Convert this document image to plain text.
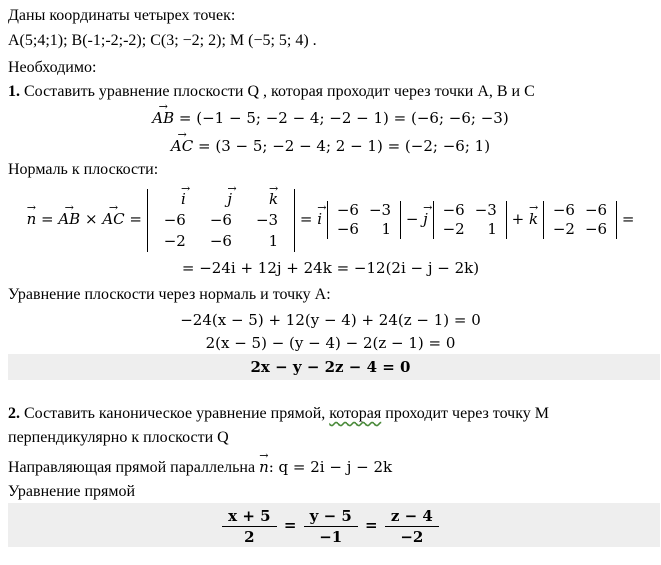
Даны координаты четырех точек:
A(5;4;1); B(-1;-2;-2); C(3; −2; 2); M (−5; 5; 4) .
Необходимо:
1. Составить уравнение плоскости Q , которая проходит через точки A, B и C
→ AB = (−1 − 5; −2 − 4; −2 − 1) = (−6; −6; −3)
→ AC = (3 − 5; −2 − 4; 2 − 1) = (−2; −6; 1)
Нормаль к плоскости:
→ n = → AB × → AC =
→ i	→ j	→ k
−6	−6	−3
−2	−6	1
= → i −6	−3
−6	1
− → j −6	−3
−2	1
+ → k −6	−6
−2	−6
=
= −24i + 12j + 24k = −12(2i − j − 2k)
Уравнение плоскости через нормаль и точку A:
−24(x − 5) + 12(y − 4) + 24(z − 1) = 0
2(x − 5) − (y − 4) − 2(z − 1) = 0
2x − y − 2z − 4 = 0
2. Составить каноническое уравнение прямой, которая проходит через точку M
перпендикулярно к плоскости Q
Направляющая прямой параллельна → n: q = 2i − j − 2k
Уравнение прямой
$\frac{x + 5}{2} = \frac{y - 5}{-1} = \frac{z - 4}{-2}$
